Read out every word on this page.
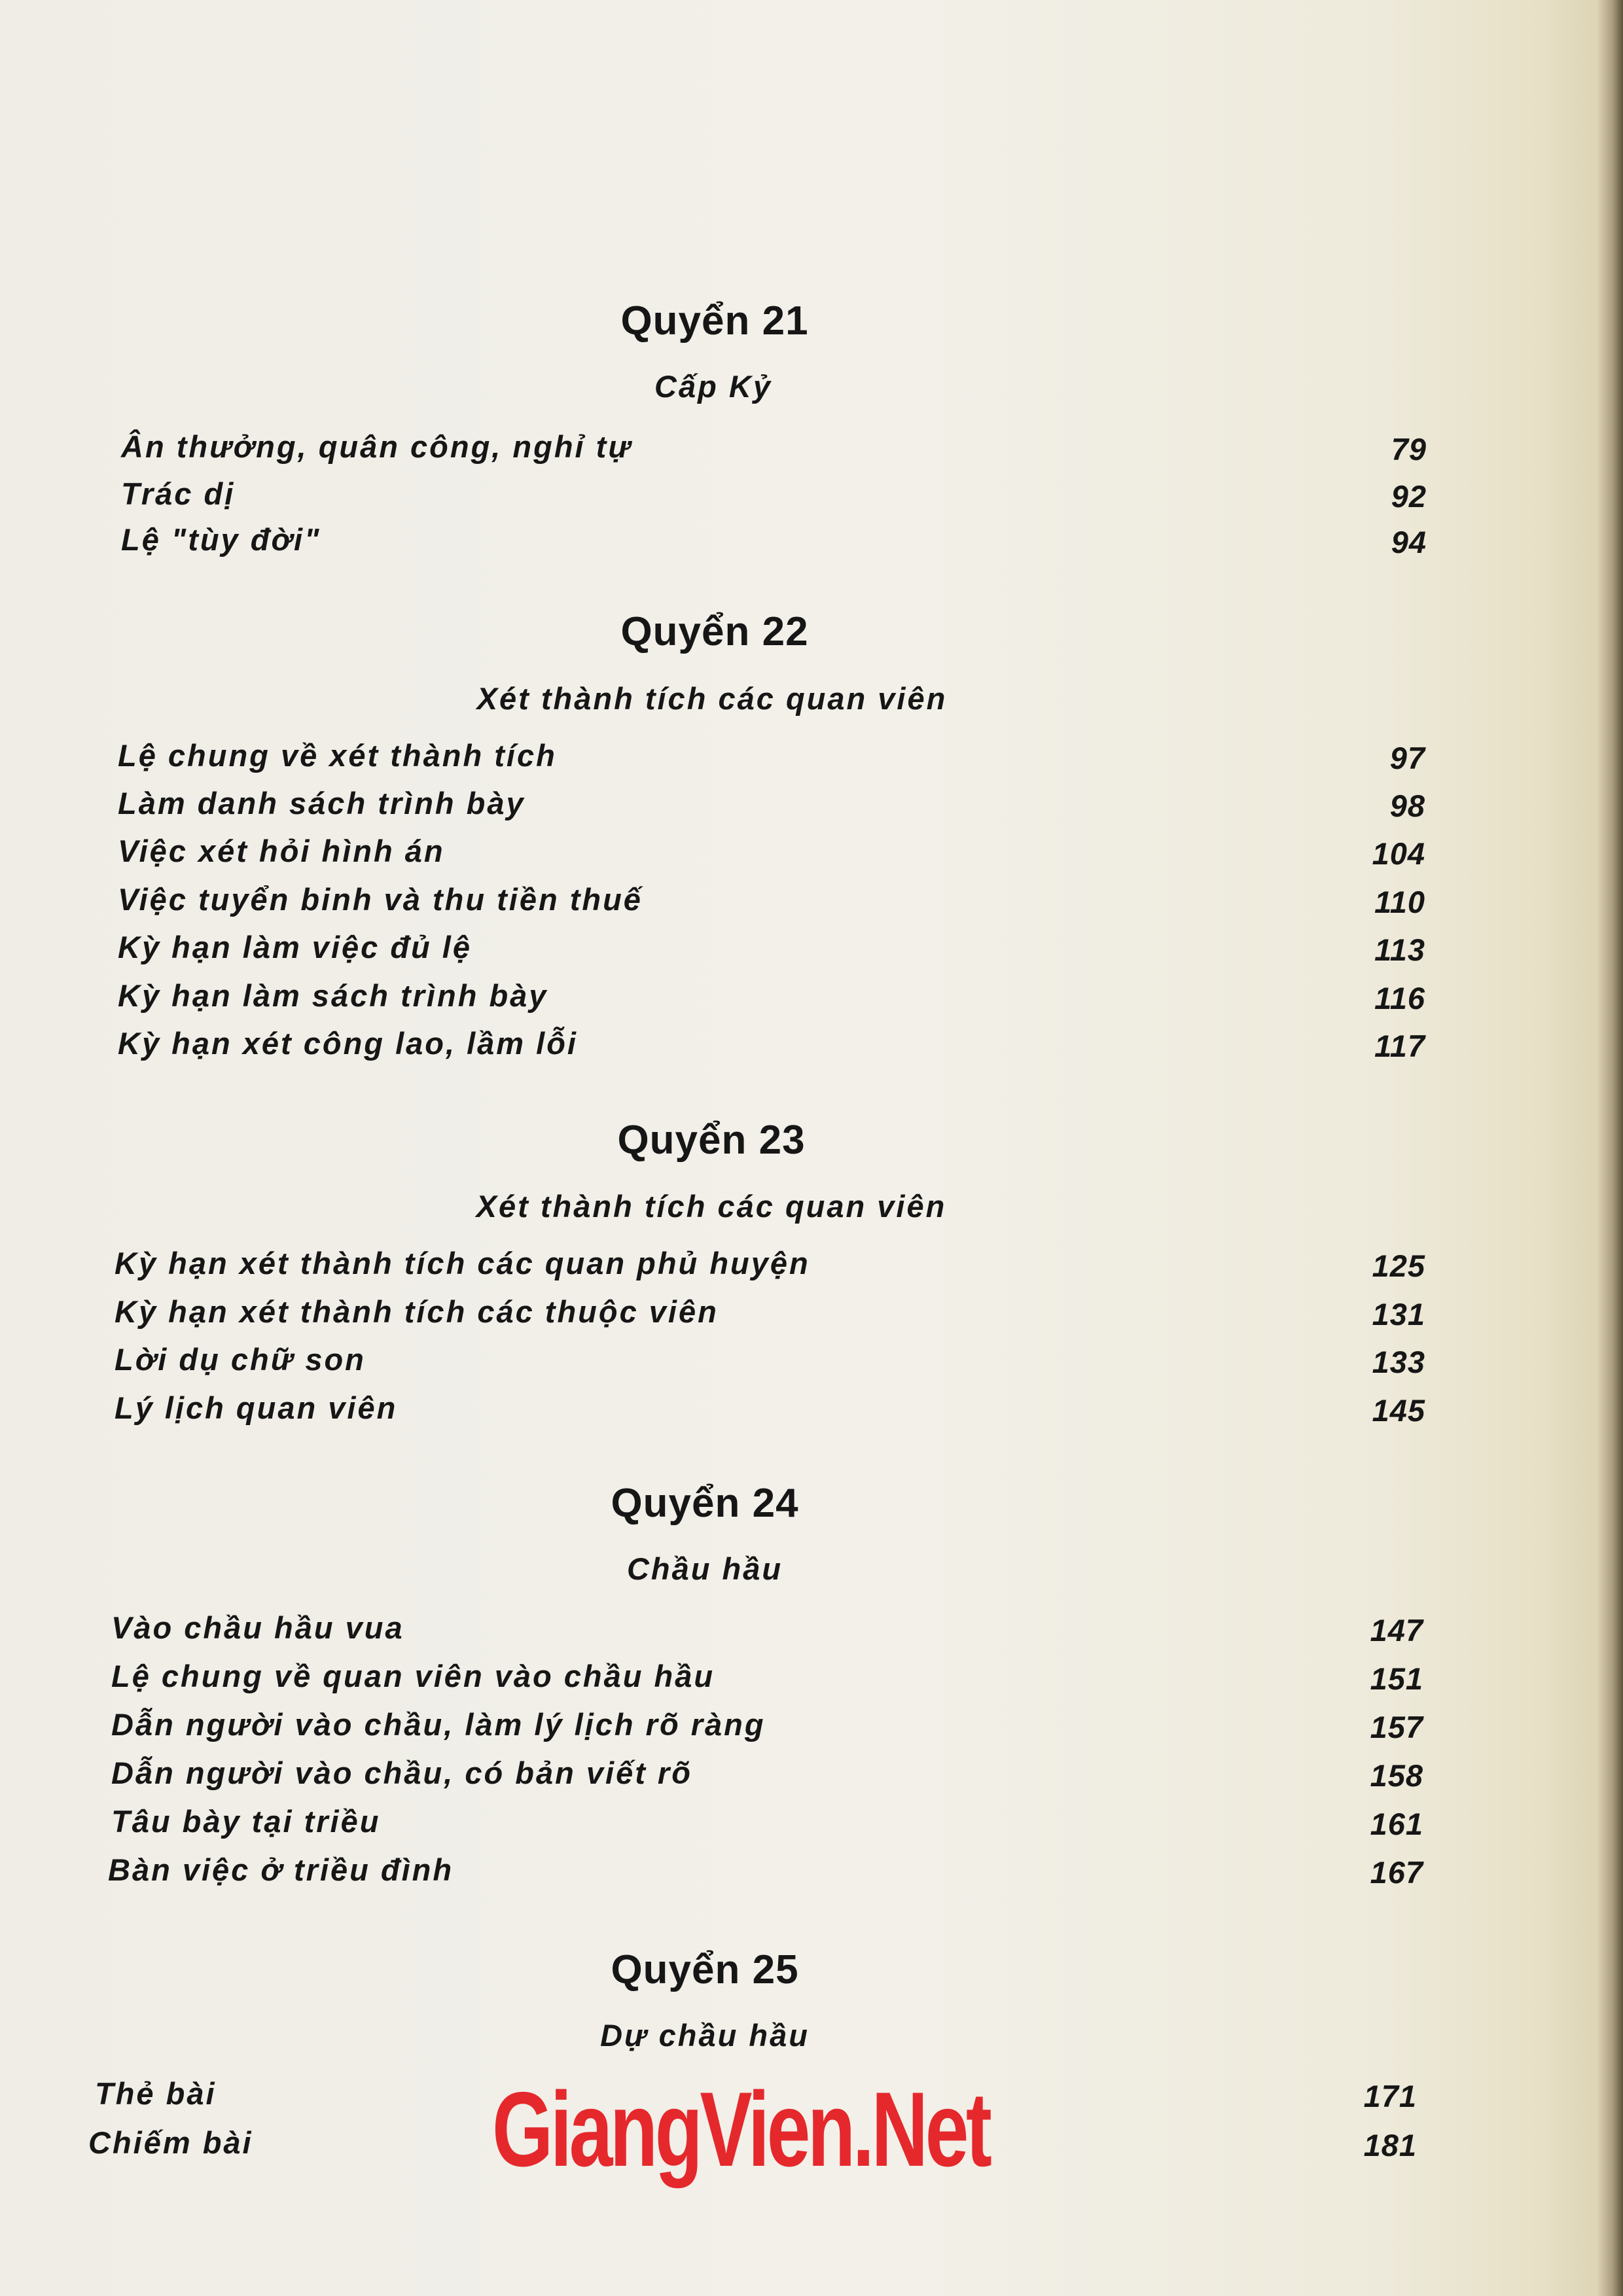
Quyển 21
Cấp Kỷ
Ân thưởng, quân công, nghỉ tự	79
Trác dị	92
Lệ "tùy đời"	94
Quyển 22
Xét thành tích các quan viên
Lệ chung về xét thành tích	97
Làm danh sách trình bày	98
Việc xét hỏi hình án	104
Việc tuyển binh và thu tiền thuế	110
Kỳ hạn làm việc đủ lệ	113
Kỳ hạn làm sách trình bày	116
Kỳ hạn xét công lao, lầm lỗi	117
Quyển 23
Xét thành tích các quan viên
Kỳ hạn xét thành tích các quan phủ huyện	125
Kỳ hạn xét thành tích các thuộc viên	131
Lời dụ chữ son	133
Lý lịch quan viên	145
Quyển 24
Chầu hầu
Vào chầu hầu vua	147
Lệ chung về quan viên vào chầu hầu	151
Dẫn người vào chầu, làm lý lịch rõ ràng	157
Dẫn người vào chầu, có bản viết rõ	158
Tâu bày tại triều	161
Bàn việc ở triều đình	167
Quyển 25
Dự chầu hầu
Thẻ bài	171
Chiếm bài	181
GiangVien.Net
